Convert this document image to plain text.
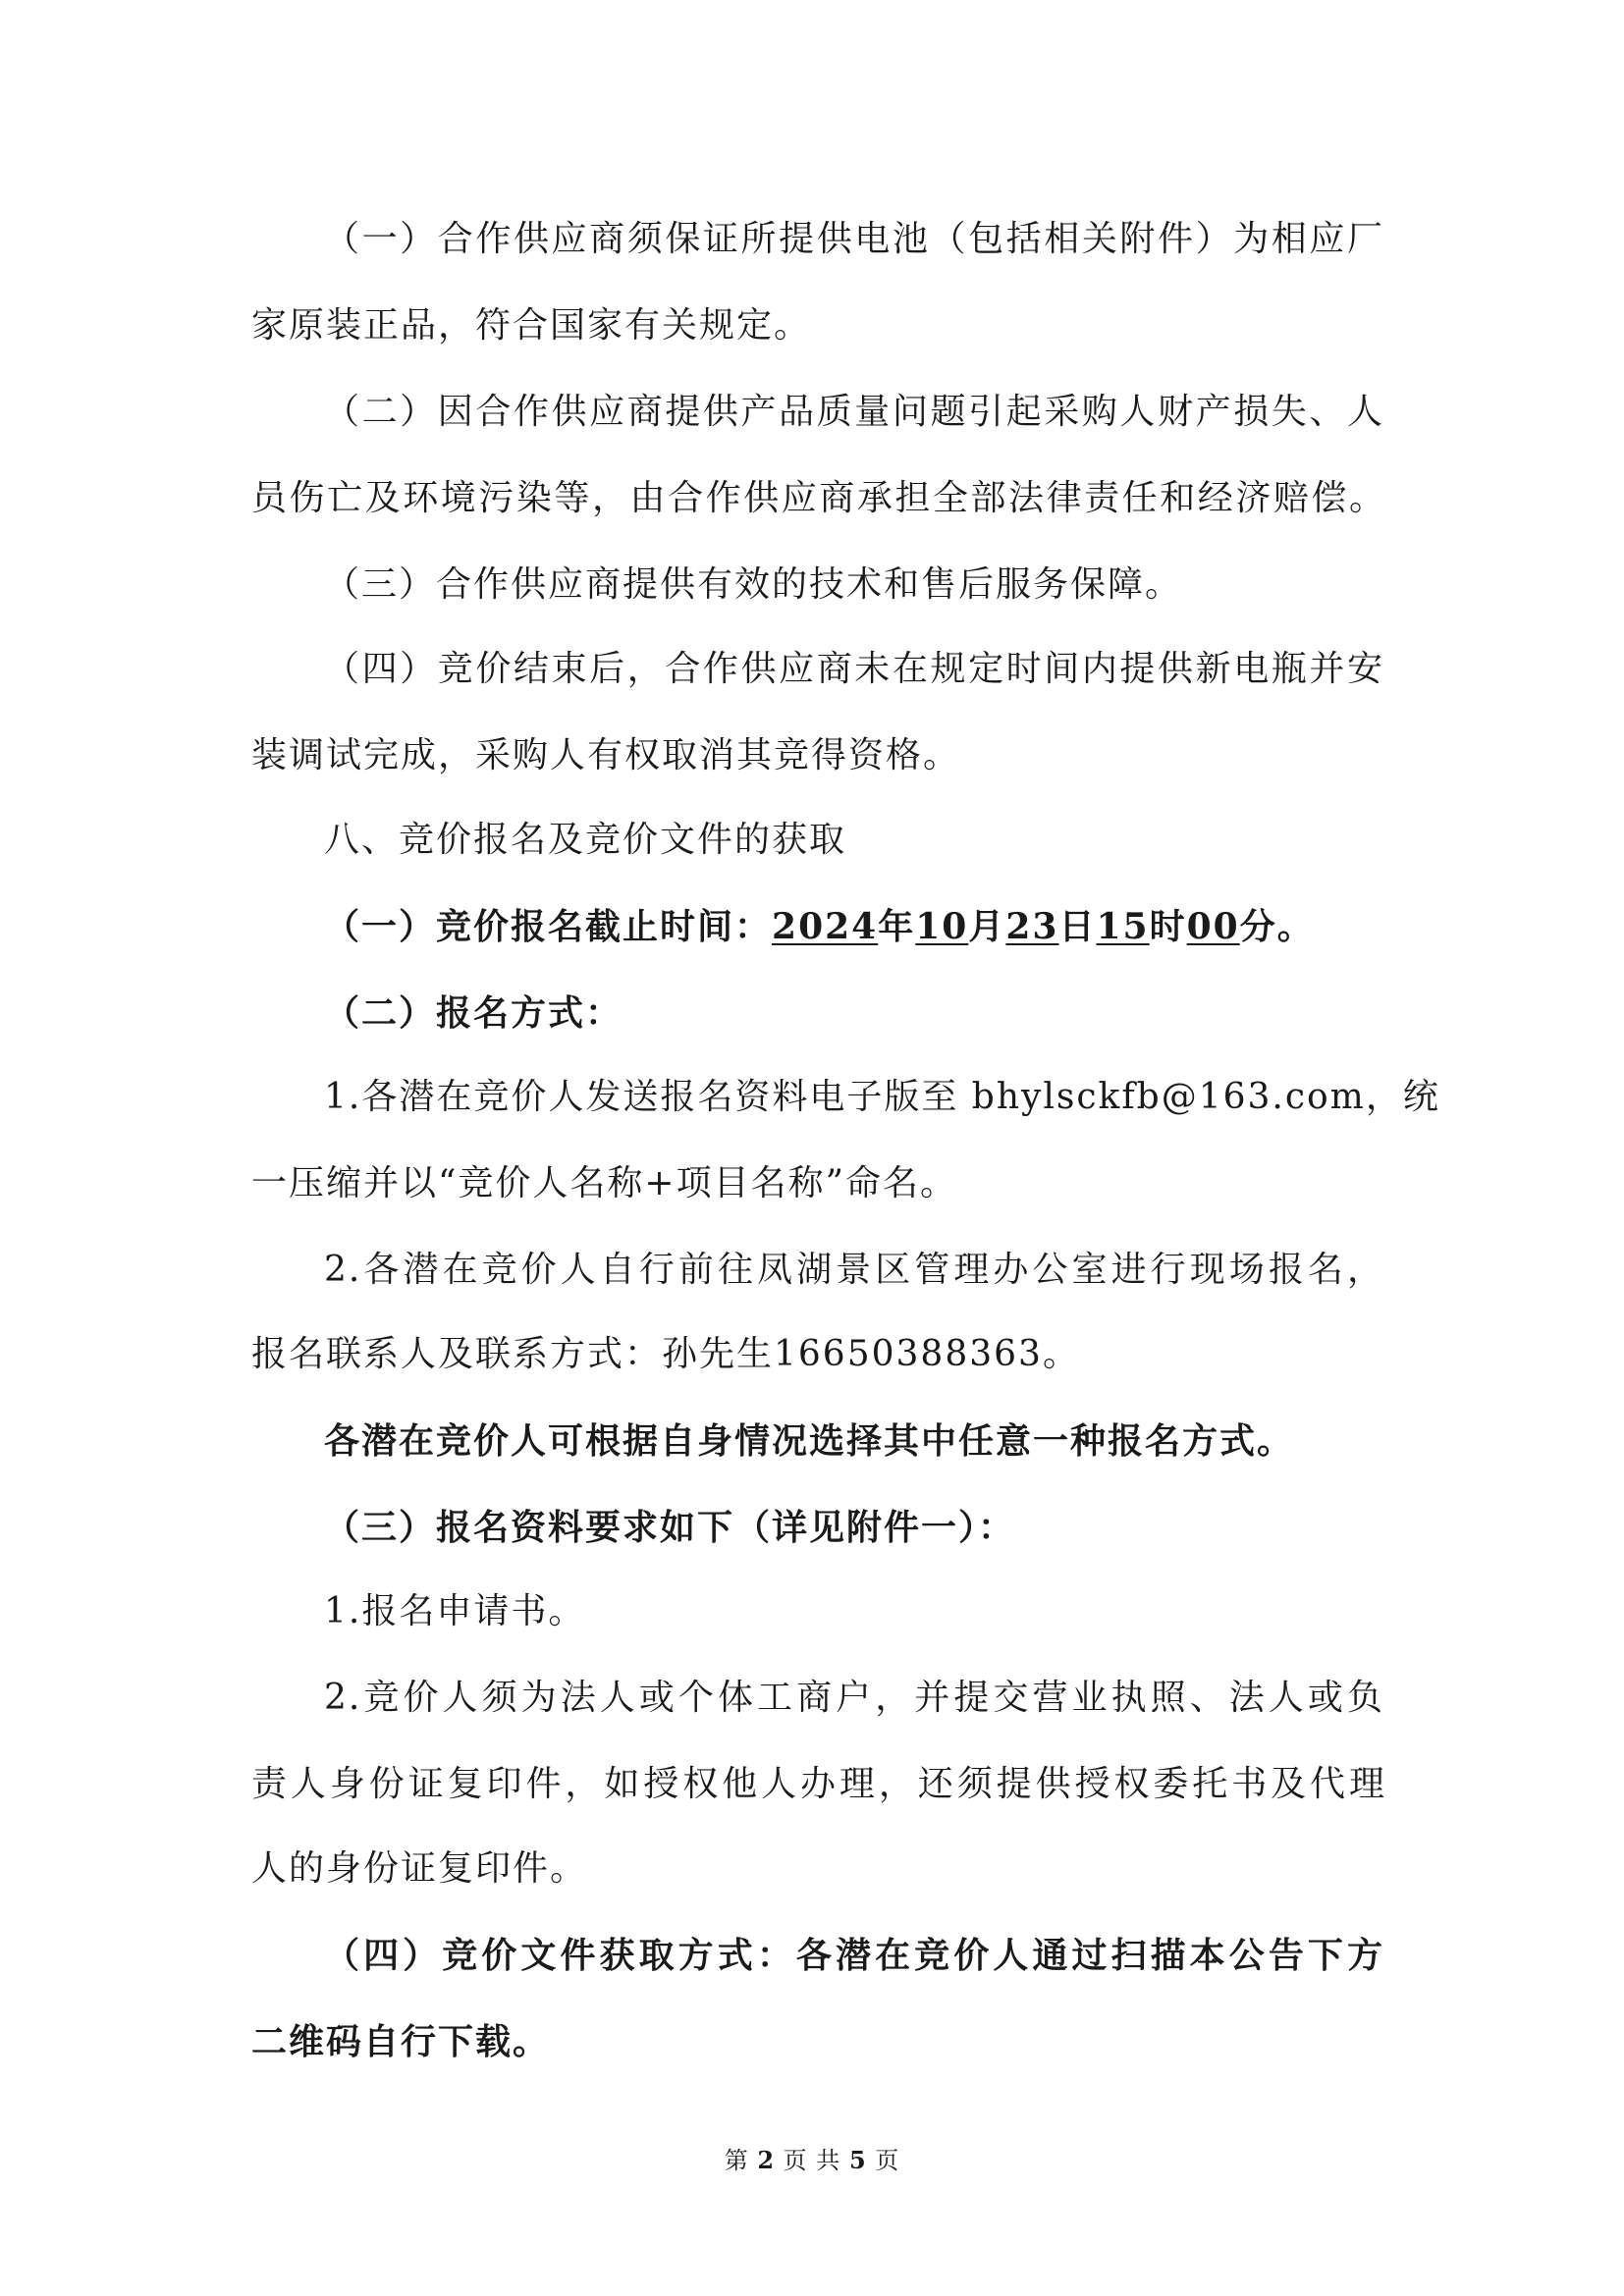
（一）合作供应商须保证所提供电池（包括相关附件）为相应厂
家原装正品，符合国家有关规定。
（二）因合作供应商提供产品质量问题引起采购人财产损失、人
员伤亡及环境污染等，由合作供应商承担全部法律责任和经济赔偿。
（三）合作供应商提供有效的技术和售后服务保障。
（四）竞价结束后，合作供应商未在规定时间内提供新电瓶并安
装调试完成，采购人有权取消其竞得资格。
八、竞价报名及竞价文件的获取
（一）竞价报名截止时间：2024年10月23日15时00分。
（二）报名方式：
1.各潜在竞价人发送报名资料电子版至 bhylsckfb@163.com，统
一压缩并以“竞价人名称+项目名称”命名。
2.各潜在竞价人自行前往凤湖景区管理办公室进行现场报名，
报名联系人及联系方式：孙先生16650388363。
各潜在竞价人可根据自身情况选择其中任意一种报名方式。
（三）报名资料要求如下（详见附件一）：
1.报名申请书。
2.竞价人须为法人或个体工商户，并提交营业执照、法人或负
责人身份证复印件，如授权他人办理，还须提供授权委托书及代理
人的身份证复印件。
（四）竞价文件获取方式：各潜在竞价人通过扫描本公告下方
二维码自行下载。
第 2 页 共 5 页
